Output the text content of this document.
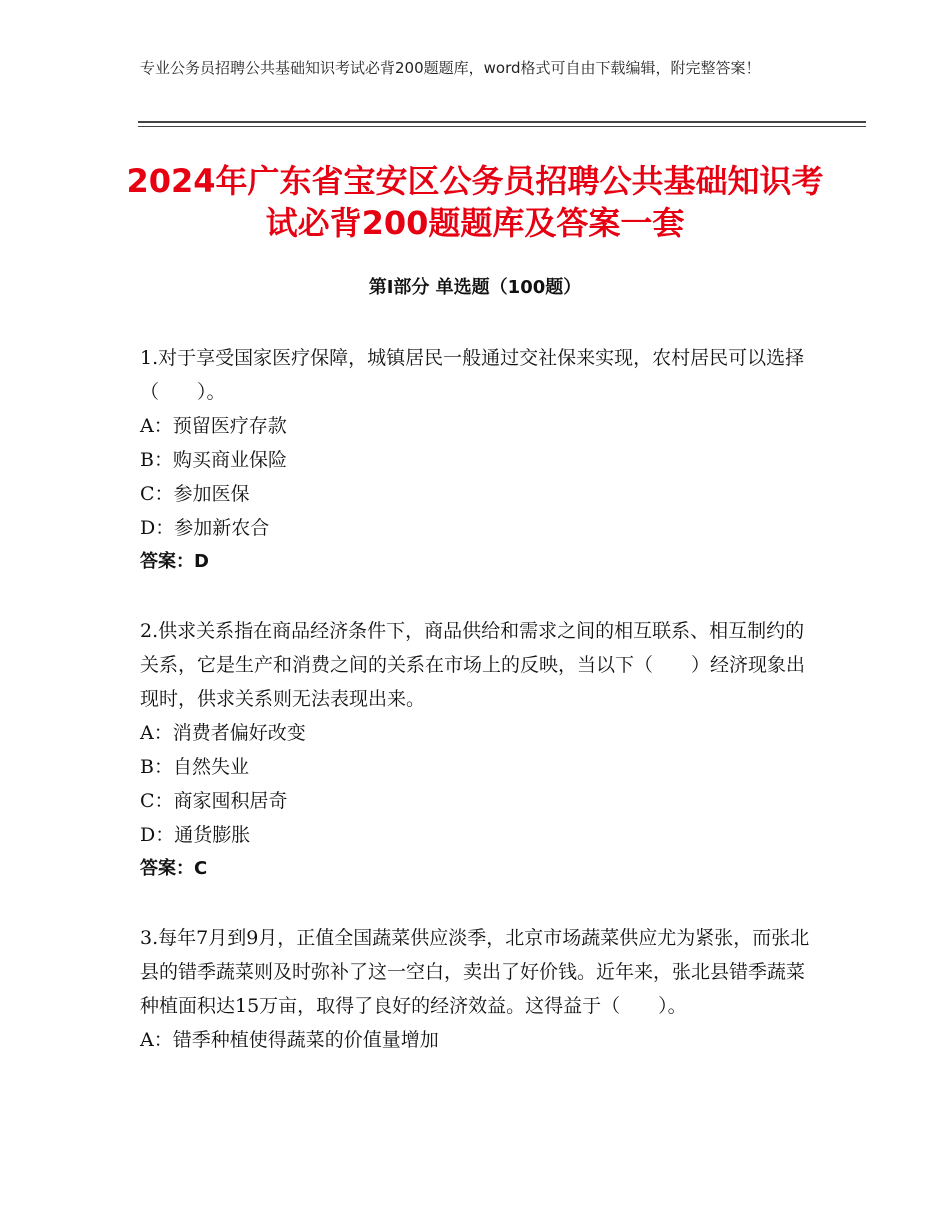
专业公务员招聘公共基础知识考试必背200题题库，word格式可自由下载编辑，附完整答案！
2024年广东省宝安区公务员招聘公共基础知识考试必背200题题库及答案一套
第Ⅰ部分 单选题（100题）
1.对于享受国家医疗保障，城镇居民一般通过交社保来实现，农村居民可以选择（　　）。
A：预留医疗存款
B：购买商业保险
C：参加医保
D：参加新农合
答案：D
2.供求关系指在商品经济条件下，商品供给和需求之间的相互联系、相互制约的关系，它是生产和消费之间的关系在市场上的反映，当以下（　　）经济现象出现时，供求关系则无法表现出来。
A：消费者偏好改变
B：自然失业
C：商家囤积居奇
D：通货膨胀
答案：C
3.每年7月到9月，正值全国蔬菜供应淡季，北京市场蔬菜供应尤为紧张，而张北县的错季蔬菜则及时弥补了这一空白，卖出了好价钱。近年来，张北县错季蔬菜种植面积达15万亩，取得了良好的经济效益。这得益于（　　）。
A：错季种植使得蔬菜的价值量增加
